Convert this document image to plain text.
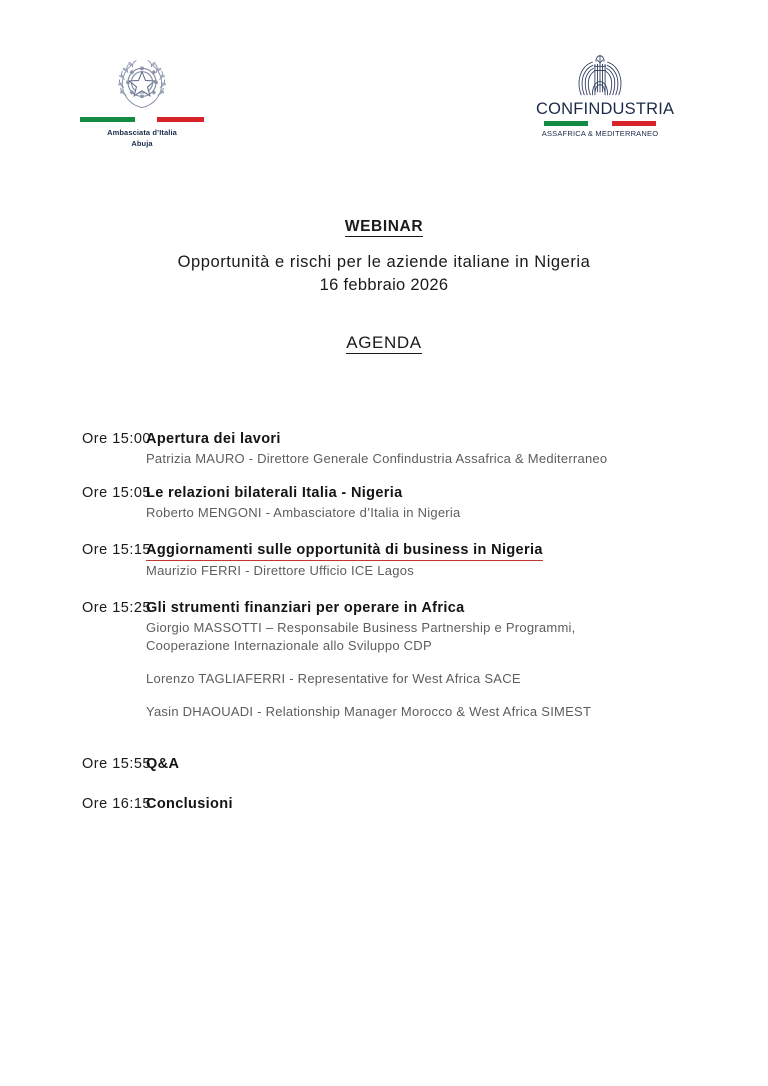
Ambasciata d’Italia
Abuja
CONFINDUSTRIA
ASSAFRICA & MEDITERRANEO
WEBINAR
Opportunità e rischi per le aziende italiane in Nigeria
16 febbraio 2026
AGENDA
Ore 15:00
Apertura dei lavori
Patrizia MAURO - Direttore Generale Confindustria Assafrica & Mediterraneo
Ore 15:05
Le relazioni bilaterali Italia - Nigeria
Roberto MENGONI - Ambasciatore d’Italia in Nigeria
Ore 15:15
Aggiornamenti sulle opportunità di business in Nigeria
Maurizio FERRI - Direttore Ufficio ICE Lagos
Ore 15:25
Gli strumenti finanziari per operare in Africa
Giorgio MASSOTTI – Responsabile Business Partnership e Programmi,
Cooperazione Internazionale allo Sviluppo CDP
Lorenzo TAGLIAFERRI - Representative for West Africa SACE
Yasin DHAOUADI - Relationship Manager Morocco & West Africa SIMEST
Ore 15:55
Q&A
Ore 16:15
Conclusioni
